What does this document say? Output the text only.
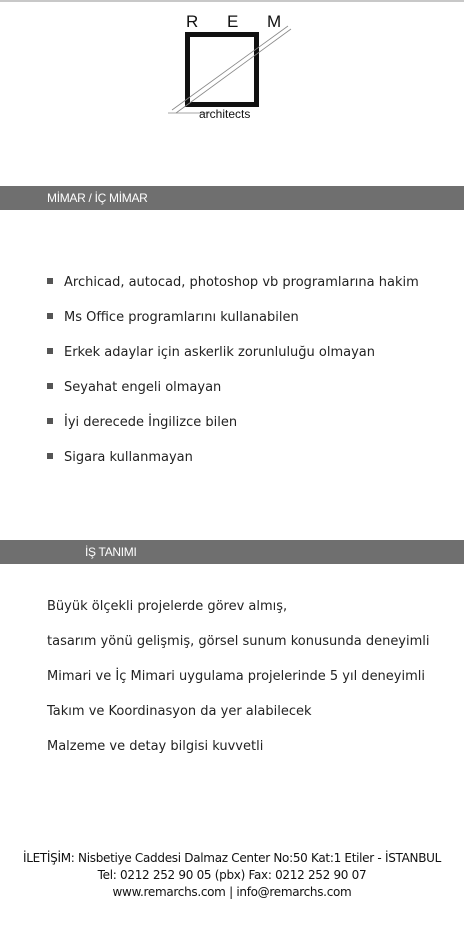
R E M
architects
MİMAR / İÇ MİMAR
Archicad, autocad, photoshop vb programlarına hakim
Ms Office programlarını kullanabilen
Erkek adaylar için askerlik zorunluluğu olmayan
Seyahat engeli olmayan
İyi derecede İngilizce bilen
Sigara kullanmayan
İŞ TANIMI
Büyük ölçekli projelerde görev almış,
tasarım yönü gelişmiş, görsel sunum konusunda deneyimli
Mimari ve İç Mimari uygulama projelerinde 5 yıl deneyimli
Takım ve Koordinasyon da yer alabilecek
Malzeme ve detay bilgisi kuvvetli
İLETİŞİM: Nisbetiye Caddesi Dalmaz Center No:50 Kat:1 Etiler - İSTANBUL
Tel: 0212 252 90 05 (pbx) Fax: 0212 252 90 07
www.remarchs.com | info@remarchs.com
